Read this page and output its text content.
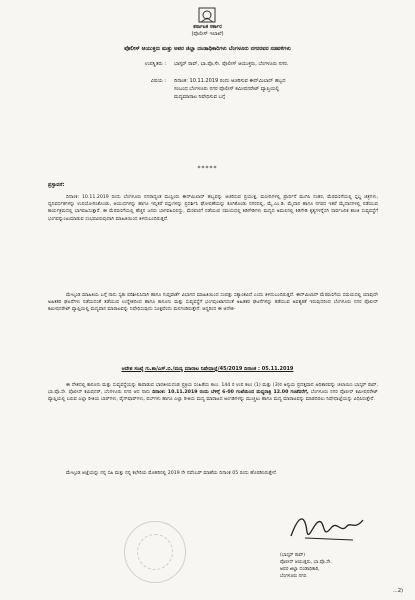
ಕರ್ನಾಟಕ ಸರ್ಕಾರ
(ಪೊಲೀಸ್ ಇಲಾಖೆ)
ಪೊಲೀಸ್ ಆಯುಕ್ತರು ಮತ್ತು ಅಪರ ಜಿಲ್ಲಾ ದಂಡಾಧಿಕಾರಿಗಳು ಬೆಂಗಳೂರು ನಗರರವರ ನಡವಳಿಗಳು
ಉಪಸ್ಥಿತರು : ಭಾಸ್ಕರ್ ರಾವ್, ಭಾ.ಪೊ.ಸೇ. ಪೊಲೀಸ್ ಆಯುಕ್ತರು, ಬೆಂಗಳೂರು ನಗರ.
ವಿಷಯ : ದಿನಾಂಕ: 10.11.2019 ರಂದು ಆಚರಿಸುವ ಈದ್‌ಮಿಲಾದ್ ಹಬ್ಬದ
ಸಂಬಂಧ ಬೆಂಗಳೂರು ನಗರ ಪೊಲೀಸ್ ಕಮೀಷನರೇಟ್ ವ್ಯಾಪ್ತಿಯಲ್ಲಿ
ಮದ್ಯಮಾರಾಟ ನಿಷೇಧಿಸುವ ಬಗ್ಗೆ
*****
ಪ್ರಸ್ತಾವನೆ:
ದಿನಾಂಕ: 10.11.2019 ರಂದು ಬೆಂಗಳೂರು ನಗರಾದ್ಯಂತ ಮುಸ್ಲಿಂರು ಈದ್‌ಮಿಲಾದ್ ಹಬ್ಬವನ್ನು ಆಚರಿಸುವ ಪ್ರಯುಕ್ತ, ಮಸೀದಿಗಳಲ್ಲಿ ಪ್ರಾರ್ಥನೆ ಮುಗಿಸಿ ನಂತರ, ಮೆರವಣಿಗೆಯಲ್ಲಿ ಸ್ತಬ್ಧ ಚಿತ್ರಗಳು, ಧ್ವನಿವರ್ಧಕಗಳನ್ನು ಉಪಯೋಗಿಸಿಕೊಂಡು, ಆಯುಧಗಳನ್ನು ಹಾಗೂ ಇನ್ನಿತರೆ ವಸ್ತುಗಳನ್ನು ಪ್ರದರ್ಶಿಸಿ ಘೋಷಣೆಯನ್ನು ಕೂಗಿಕೊಂಡು ನಗರದಲ್ಲಿ, ಮೈ.ಎಂ.ಡಿ. ಮೈದಾನ ಹಾಗೂ ನಗರದ ಇತರೆ ಮೈದಾನಗಳಲ್ಲಿ ನಡೆಯುವ ಕಾರ್ಯಕ್ರಮದಲ್ಲಿ ಭಾಗವಹಿಸುತ್ತಾರೆ. ಈ ಮೆರವಣಿಗೆಯಲ್ಲಿ ಹೆಚ್ಚಿನ ಜನರು ಭಾಗವಹಿಸಲಿದ್ದು, ಮೆರವಣಿಗೆ ನಡೆಯುವ ಸಮಯದಲ್ಲಿ ಕಿಡಿಗೇಡಿಗಳು ಮದ್ಯದ ಅಮಲಿನಲ್ಲಿ ಕಿಡಿಗೇಡಿ ಕೃತ್ಯಗಳನ್ನೆಸಗಿ ಸಾರ್ವಜನಿಕ ಶಾಂತಿ ಸುವ್ಯವಸ್ಥೆಗೆ ಭಂಗವನ್ನುಂಟುಮಾಡುವ ಸಂಭವವಿರುವುದಾಗಿ ಮಾಹಿತಿಯಿಂದ ತಿಳಿದುಬಂದಿರುತ್ತದೆ.
ಮೇಲ್ಕಂಡ ಮಾಹಿತಿಯ ಬಗ್ಗೆ ನಾನು ಸ್ವತಃ ಪರಿಶೀಲಿಸಿದಾಗಿ ಹಾಗೂ ಗುಪ್ತವಾರ್ತೆ ವಿಭಾಗದ ಮಾಹಿತಿಯಿಂದ ಸಂಪತ್ತು ಸತ್ಯಾಂಶವಿದೆ ಎಂದು ತಿಳಿದುಬಂದಿರುತ್ತದೆ. ಈದ್‌ಮಿಲಾದ್ ಮೆರವಣಿಗೆಯ ಸಮಯದಲ್ಲಿ ಯಾವುದೇ ಅಹಿತಕರ ಘಟನೆಗಳು ನಡೆಯದಂತೆ ತಡೆಯುವ ಉದ್ದೇಶದಿಂದ ಹಾಗೂ ಕಾನೂನು ಮತ್ತು ಸುವ್ಯವಸ್ಥೆಗೆ ಭಂಗವುಂಟಾಗದಂತೆ ಅಹಿತಕರ ಘಟನೆಗಳನ್ನು ತಡೆಯುವ ಅವಶ್ಯಕತೆ ಇರುವುದರಿಂದ ಬೆಂಗಳೂರು ನಗರ ಪೊಲೀಸ್ ಕಮೀಷನರೇಟ್ ವ್ಯಾಪ್ತಿಯಲ್ಲಿ ಮದ್ಯಪಾನ ಮಾರಾಟವನ್ನು ನಿಷೇಧಿಸುವುದು ಸೂಕ್ತವೆಂದು ಮನಗಂಡಿರುತ್ತೇನೆ. ಆದ್ದರಿಂದ ಈ ಆದೇಶ-
ಆದೇಶ ಸಂಖ್ಯೆ ಗು.ಶಾ/ಎಸ್.ಬಿ./ಮದ್ಯ ಮಾರಾಟ ನಿಷೇಧಾಜ್ಞೆ/45/2019 ದಿನಾಂಕ : 05.11.2019
ಈ ದೇಶದಲ್ಲಿ ಕಾನೂನು ಮತ್ತು ಸುವ್ಯವಸ್ಥೆಯನ್ನು ಕಾಪಾಡುವ ಭಾರತೀಯದಂಡ ಪ್ರಕ್ರಿಯ ಸಂಹಿತೆಯ ಕಲಂ. 144 ರ ಉಪ ಕಲಂ (1) ಮತ್ತು (3)ರ ಅನ್ವಯ ಪ್ರದತ್ತವಾದ ಅಧಿಕಾರವನ್ನು ಚಲಾಯಿಸಿ ಭಾಸ್ಕರ್ ರಾವ್, ಭಾ.ಪೊ.ಸೇ. ಪೊಲೀಸ್ ಕಮಿಷನರ್, ಬೆಂಗಳೂರು ನಗರ ಆದ ನಾನು ದಿನಾಂಕ: 10.11.2019 ರಂದು ಬೆಳಿಗ್ಗೆ 6-00 ಗಂಟೆಯಿಂದ ಮಧ್ಯರಾತ್ರಿ 12.00 ಗಂಟೆವರೆಗೆ, ಬೆಂಗಳೂರು ನಗರ ಪೊಲೀಸ್ ಕಮೀಷನರೇಟ್ ವ್ಯಾಪ್ತಿಯಲ್ಲಿ ಬರುವ ಎಲ್ಲಾ ರೀತಿಯ ಬಾರ್‌ಗಳು, ವೈನ್‌ಷಾಪ್‌ಗಳು, ಪಬ್‌ಗಳು ಹಾಗೂ ಎಲ್ಲಾ ರೀತಿಯ ಮದ್ಯ ಮಾರಾಟದ ಅಂಗಡಿಗಳನ್ನು ಮುಚ್ಚಲು ಹಾಗೂ ಮದ್ಯ ಮಾರಾಟವನ್ನು ಮಾಡದಿರಲು ನಿಷೇಧಾಜ್ಞೆಯನ್ನು ವಿಧಿಸಿರುತ್ತೇನೆ.
ಮೇಲ್ಕಂಡ ಆಜ್ಞೆಯನ್ನು ನನ್ನ ಸಹಿ ಮತ್ತು ನನ್ನ ಕಛೇರಿಯ ಮೊಹರಿನಲ್ಲಿ 2019 ನೇ ನವೆಂಬರ್ ಮಾಹೆಯ ದಿನಾಂಕ 05 ರಂದು ಹೊರಡಿಸಿರುತ್ತೇನೆ.
(ಭಾಸ್ಕರ್ ರಾವ್)
ಪೊಲೀಸ್ ಆಯುಕ್ತರು, ಭಾ.ಪೊ.ಸೇ.
ಅಪರ ಜಿಲ್ಲಾ ದಂಡಾಧಿಕಾರಿ,
ಬೆಂಗಳೂರು ನಗರ.
...2)
